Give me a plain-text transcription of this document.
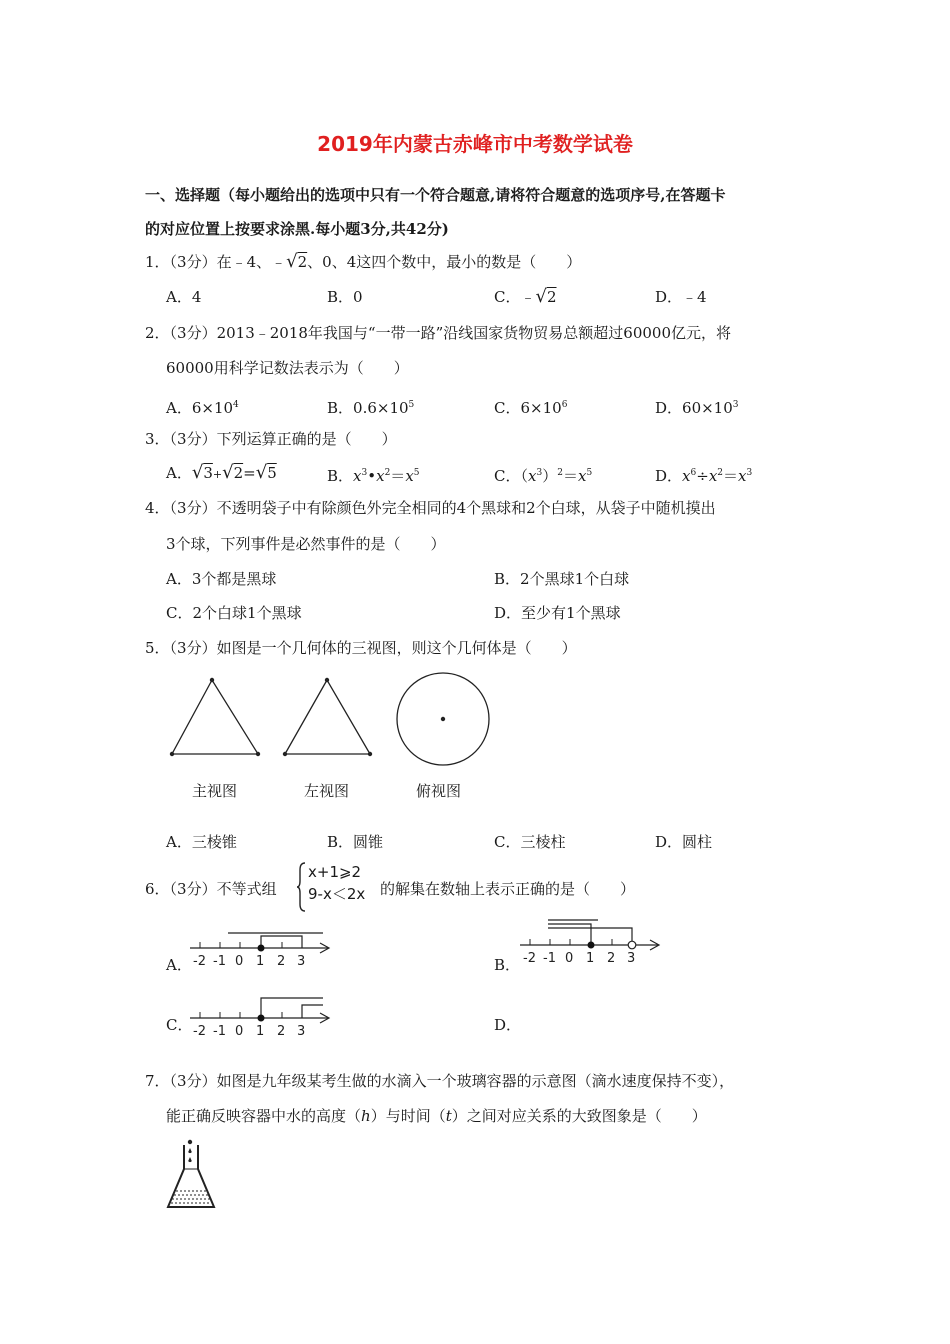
2019年内蒙古赤峰市中考数学试卷
一、选择题（每小题给出的选项中只有一个符合题意,请将符合题意的选项序号,在答题卡
的对应位置上按要求涂黑.每小题3分,共42分)
1．（3分）在﹣4、﹣√2、0、4这四个数中，最小的数是（　　）
A．4	B．0	C．﹣√2	D．﹣4
2．（3分）2013﹣2018年我国与“一带一路”沿线国家货物贸易总额超过60000亿元，将
60000用科学记数法表示为（　　）
A．$6\times 10^4$	B．$0.6\times 10^5$	C．$6\times 10^6$	D．$60\times 10^3$
3．（3分）下列运算正确的是（　　）
A．√3+√2=√5	B．$x^3•x^2=x^5$	C．$(x^3)^2=x^5$	D．$x^6\div x^2=x^3$
4．（3分）不透明袋子中有除颜色外完全相同的4个黑球和2个白球，从袋子中随机摸出
3个球，下列事件是必然事件的是（　　）
A．3个都是黑球	B．2个黑球1个白球
C．2个白球1个黑球	D．至少有1个黑球
5．（3分）如图是一个几何体的三视图，则这个几何体是（　　）
主视图	左视图	俯视图
A．三棱锥	B．圆锥	C．三棱柱	D．圆柱
6．（3分）不等式组
x+1⩾2
9-x＜2x 的解集在数轴上表示正确的是（　　）
A． -2 -1 0 1 2 3	B． -2 -1 0 1 2 3
C． -2 -1 0 1 2 3	D．
7．（3分）如图是九年级某考生做的水滴入一个玻璃容器的示意图（滴水速度保持不变），
能正确反映容器中水的高度（h）与时间（t）之间对应关系的大致图象是（　　）
